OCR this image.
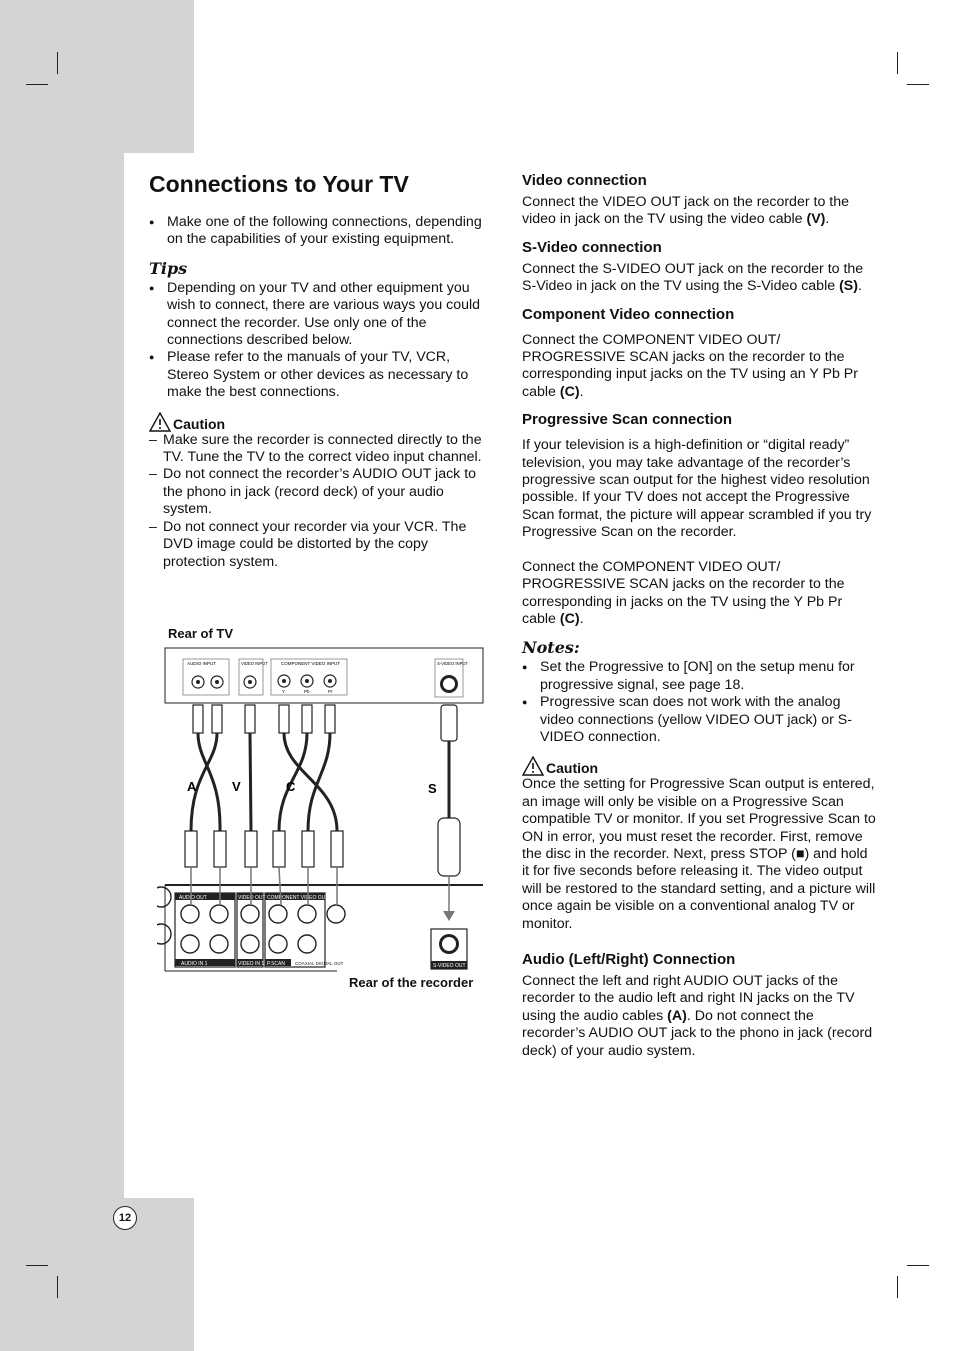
12
Connections to Your TV
● Make one of the following connections, depending on the capabilities of your existing equipment.
Tips
● Depending on your TV and other equipment you wish to connect, there are various ways you could connect the recorder. Use only one of the connections described below.
● Please refer to the manuals of your TV, VCR, Stereo System or other devices as necessary to make the best connections.
Caution
– Make sure the recorder is connected directly to the TV. Tune the TV to the correct video input channel.
– Do not connect the recorder’s AUDIO OUT jack to the phono in jack (record deck) of your audio system.
– Do not connect your recorder via your VCR. The DVD image could be distorted by the copy protection system.
Rear of TV
AUDIO INPUT	VIDEO INPUT	COMPONENT VIDEO INPUT
Y	Pb	Pr
S-VIDEO INPUT
A	V	C	S
AUDIO OUT	VIDEO OUT COMPONENT VIDEO OUT
AUDIO IN 1	VIDEO IN 1 P.SCAN COAXIAL DIGITAL OUT	S-VIDEO OUT
Rear of the recorder
Video connection

Connect the VIDEO OUT jack on the recorder to the video in jack on the TV using the video cable (V).

S-Video connection

Connect the S-VIDEO OUT jack on the recorder to the S-Video in jack on the TV using the S-Video cable (S).

Component Video connection

Connect the COMPONENT VIDEO OUT/ PROGRESSIVE SCAN jacks on the recorder to the corresponding input jacks on the TV using an Y Pb Pr cable (C).

Progressive Scan connection

If your television is a high-definition or “digital ready” television, you may take advantage of the recorder’s progressive scan output for the highest video resolution possible. If your TV does not accept the Progressive Scan format, the picture will appear scrambled if you try Progressive Scan on the recorder.

Connect the COMPONENT VIDEO OUT/ PROGRESSIVE SCAN jacks on the recorder to the corresponding in jacks on the TV using the Y Pb Pr cable (C).

Notes:
● Set the Progressive to [ON] on the setup menu for progressive signal, see page 18.
● Progressive scan does not work with the analog video connections (yellow VIDEO OUT jack) or S-VIDEO connection.
Caution

Once the setting for Progressive Scan output is entered, an image will only be visible on a Progressive Scan compatible TV or monitor. If you set Progressive Scan to ON in error, you must reset the recorder. First, remove the disc in the recorder. Next, press STOP (■) and hold it for five seconds before releasing it. The video output will be restored to the standard setting, and a picture will once again be visible on a conventional analog TV or monitor.

Audio (Left/Right) Connection

Connect the left and right AUDIO OUT jacks of the recorder to the audio left and right IN jacks on the TV using the audio cables (A). Do not connect the recorder’s AUDIO OUT jack to the phono in jack (record deck) of your audio system.
